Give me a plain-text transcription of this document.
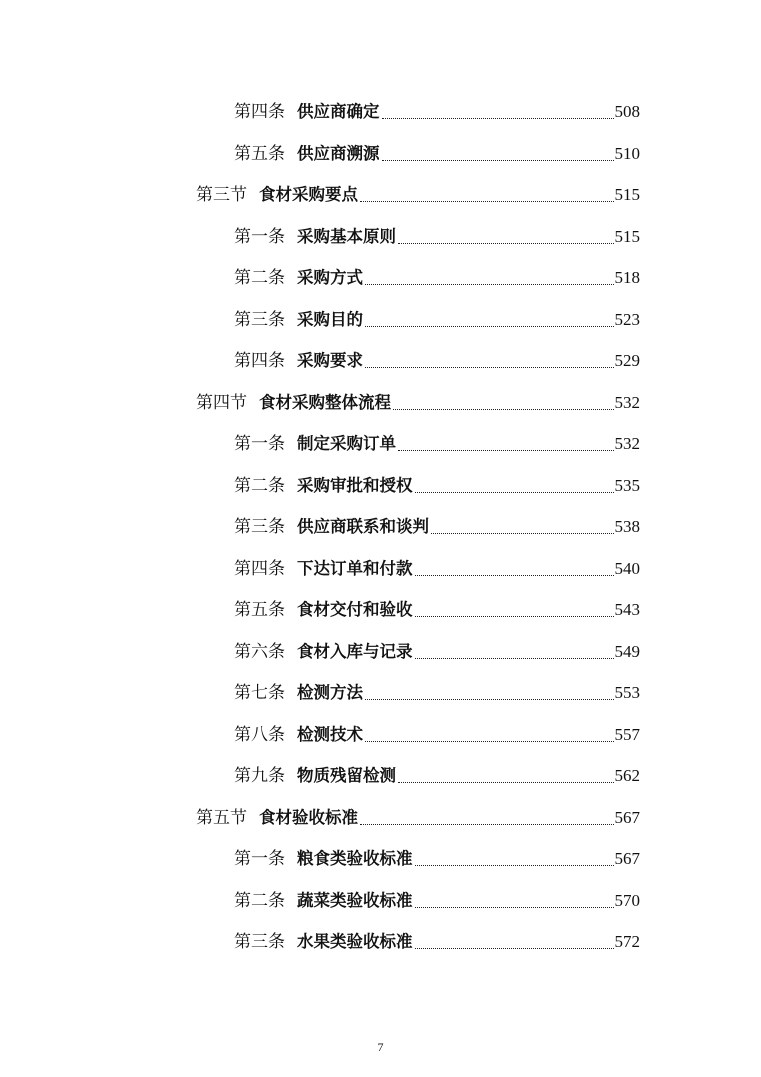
第四条 供应商确定	508
第五条 供应商溯源	510
第三节 食材采购要点	515
第一条 采购基本原则	515
第二条 采购方式	518
第三条 采购目的	523
第四条 采购要求	529
第四节 食材采购整体流程	532
第一条 制定采购订单	532
第二条 采购审批和授权	535
第三条 供应商联系和谈判	538
第四条 下达订单和付款	540
第五条 食材交付和验收	543
第六条 食材入库与记录	549
第七条 检测方法	553
第八条 检测技术	557
第九条 物质残留检测	562
第五节 食材验收标准	567
第一条 粮食类验收标准	567
第二条 蔬菜类验收标准	570
第三条 水果类验收标准	572
7
